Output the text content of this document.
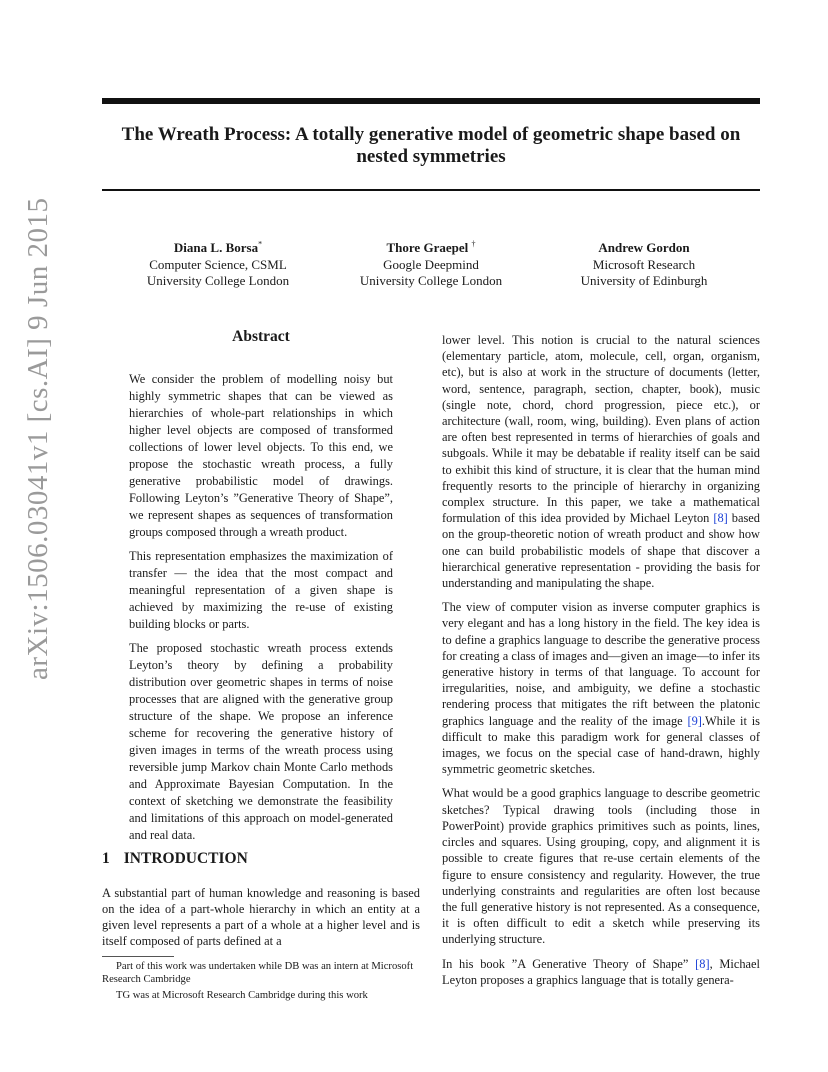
arXiv:1506.03041v1 [cs.AI] 9 Jun 2015
The Wreath Process: A totally generative model of geometric shape based on nested symmetries
Diana L. Borsa*
Computer Science, CSML
University College London
Thore Graepel †
Google Deepmind
University College London
Andrew Gordon
Microsoft Research
University of Edinburgh
Abstract

We consider the problem of modelling noisy but highly symmetric shapes that can be viewed as hierarchies of whole-part relationships in which higher level objects are composed of transformed collections of lower level objects. To this end, we propose the stochastic wreath process, a fully generative probabilistic model of drawings. Following Leyton’s ”Generative Theory of Shape”, we represent shapes as sequences of transformation groups composed through a wreath product.

This representation emphasizes the maximization of transfer — the idea that the most compact and meaningful representation of a given shape is achieved by maximizing the re-use of existing building blocks or parts.

The proposed stochastic wreath process extends Leyton’s theory by defining a probability distribution over geometric shapes in terms of noise processes that are aligned with the generative group structure of the shape. We propose an inference scheme for recovering the generative history of given images in terms of the wreath process using reversible jump Markov chain Monte Carlo methods and Approximate Bayesian Computation. In the context of sketching we demonstrate the feasibility and limitations of this approach on model-generated and real data.

1 INTRODUCTION

A substantial part of human knowledge and reasoning is based on the idea of a part-whole hierarchy in which an entity at a given level represents a part of a whole at a higher level and is itself composed of parts defined at a

Part of this work was undertaken while DB was an intern at Microsoft Research Cambridge

TG was at Microsoft Research Cambridge during this work

lower level. This notion is crucial to the natural sciences (elementary particle, atom, molecule, cell, organ, organism, etc), but is also at work in the structure of documents (letter, word, sentence, paragraph, section, chapter, book), music (single note, chord, chord progression, piece etc.), or architecture (wall, room, wing, building). Even plans of action are often best represented in terms of hierarchies of goals and subgoals. While it may be debatable if reality itself can be said to exhibit this kind of structure, it is clear that the human mind frequently resorts to the principle of hierarchy in organizing complex structure. In this paper, we take a mathematical formulation of this idea provided by Michael Leyton [8] based on the group-theoretic notion of wreath product and show how one can build probabilistic models of shape that discover a hierarchical generative representation - providing the basis for understanding and manipulating the shape.

The view of computer vision as inverse computer graphics is very elegant and has a long history in the field. The key idea is to define a graphics language to describe the generative process for creating a class of images and—given an image—to infer its generative history in terms of that language. To account for irregularities, noise, and ambiguity, we define a stochastic rendering process that mitigates the rift between the platonic graphics language and the reality of the image [9].While it is difficult to make this paradigm work for general classes of images, we focus on the special case of hand-drawn, highly symmetric geometric sketches.

What would be a good graphics language to describe geometric sketches? Typical drawing tools (including those in PowerPoint) provide graphics primitives such as points, lines, circles and squares. Using grouping, copy, and alignment it is possible to create figures that re-use certain elements of the figure to ensure consistency and regularity. However, the true underlying constraints and regularities are often lost because the full generative history is not represented. As a consequence, it is often difficult to edit a sketch while preserving its underlying structure.

In his book ”A Generative Theory of Shape” [8], Michael Leyton proposes a graphics language that is totally genera-
